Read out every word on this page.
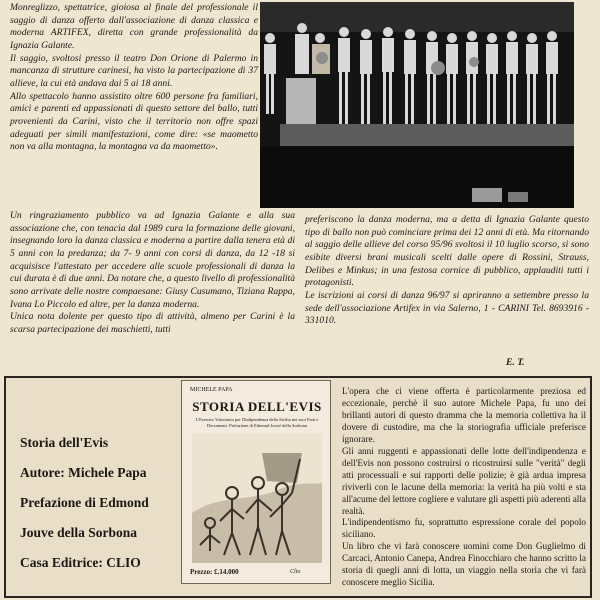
Monreglizzo, spettatrice, gioiosa al finale del professionale il saggio di danza offerto dall'associazione di danza classica e moderna ARTIFEX, diretta con grande professionalità da Ignazia Galante.

Il saggio, svoltosi presso il teatro Don Orione di Palermo in mancanza di strutture carinesi, ha visto la partecipazione di 37 allieve, la cui età andava dai 5 ai 18 anni.

Allo spettacolo hanno assistito oltre 600 persone fra familiari, amici e parenti ed appassionati di questo settore del ballo, tutti provenienti da Carini, visto che il territorio non offre spazi adeguati per simili manifestazioni, come dire: «se maometto non va alla montagna, la montagna va da maometto».

Un ringraziamento pubblico va ad Ignazia Galante e alla sua associazione che, con tenacia dal 1989 cura la formazione delle giovani, insegnando loro la danza classica e moderna a partire dalla tenera età di 5 anni con la predanza; da 7- 9 anni con corsi di danza, da 12 -18 si acquisisce l'attestato per accedere alle scuole professionali di danza la cui durata è di due anni. Da notare che, a questo livello di professionalità sono arrivate delle nostre compaesane: Giusy Cusumano, Tiziana Rappa, Ivana Lo Piccolo ed altre, per la danza moderna.

Unica nota dolente per questo tipo di attività, almeno per Carini è la scarsa partecipazione dei maschietti, tutti

preferiscono la danza moderna, ma a detta di Ignazia Galante questo tipo di ballo non può cominciare prima dei 12 anni di età. Ma ritornando al saggio delle allieve del corso 95/96 svoltosi il 10 luglio scorso, si sono esibite diversi brani musicali scelti dalle opere di Rossini, Strauss, Delibes e Minkus; in una festosa cornice di pubblico, applauditi tutti i protagonisti.

Le iscrizioni ai corsi di danza 96/97 si apriranno a settembre presso la sede dell'associazione Artifex in via Salerno, 1 - CARINI Tel. 8693916 - 331010.

E. T.
Storia dell'Evis
Autore: Michele Papa
Prefazione di Edmond
Jouve della Sorbona
Casa Editrice: CLIO
MICHELE PAPA
STORIA DELL'EVIS
L'Esercito Volontario per l'Indipendenza della Sicilia nei suoi Fatti e Documenti. Prefazione di Edmond Jouvé della Sorbona
Prezzo: £.14.000	Clio

L'opera che ci viene offerta è particolarmente preziosa ed eccezionale, perchè il suo autore Michele Papa, fu uno dei brillanti autori di questo dramma che la memoria collettiva ha il dovere di custodire, ma che la storiografia ufficiale preferisce ignorare.

Gli anni ruggenti e appassionati delle lotte dell'indipendenza e dell'Evis non possono costruirsi o ricostruirsi sulle "verità" degli atti processuali e sui rapporti delle polizie; è già ardua impresa riviverli con le lacune della memoria: la verità ha più volti e sta all'acume del lettore cogliere e valutare gli aspetti più aderenti alla realtà.

L'indipendentismo fu, soprattutto espressione corale del popolo siciliano.

Un libro che vi farà conoscere uomini come Don Guglielmo di Carcaci, Antonio Canepa, Andrea Finocchiaro che hanno scritto la storia di quegli anni di lotta, un viaggio nella storia che vi farà conoscere meglio Sicilia.
